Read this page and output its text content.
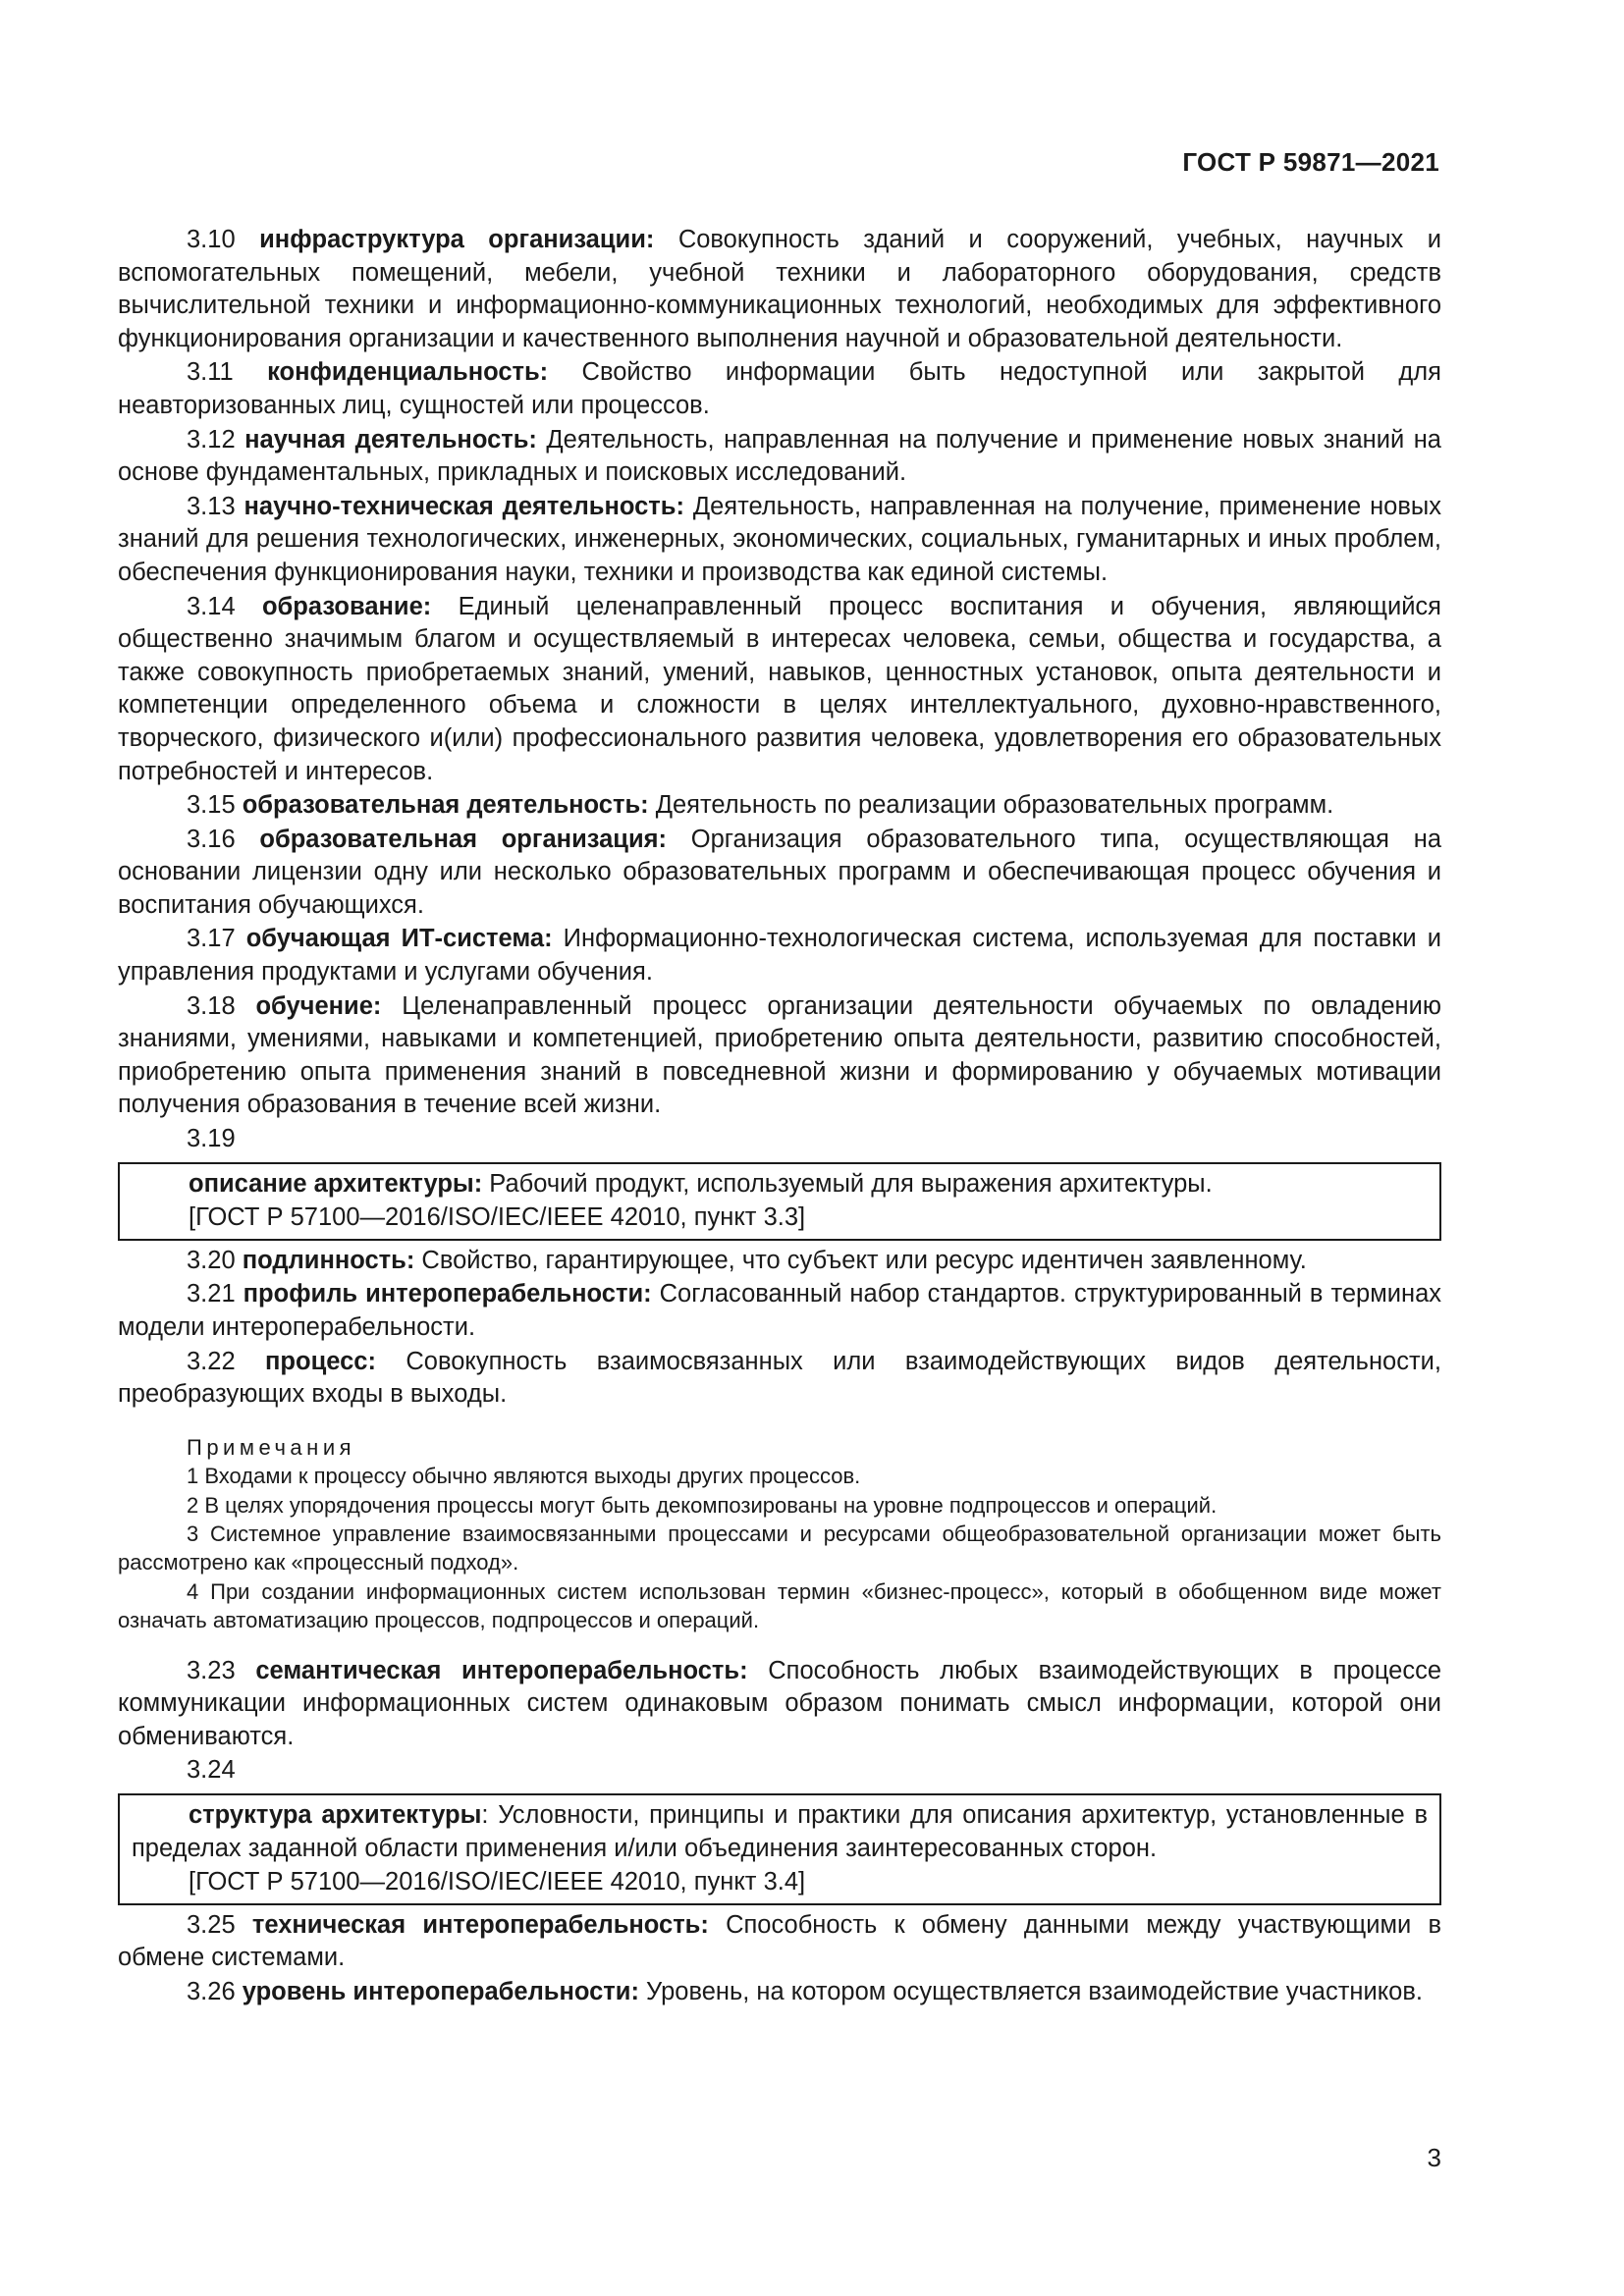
ГОСТ Р 59871—2021

3.10 инфраструктура организации: Совокупность зданий и сооружений, учебных, научных и вспомогательных помещений, мебели, учебной техники и лабораторного оборудования, средств вычислительной техники и информационно-коммуникационных технологий, необходимых для эффективного функционирования организации и качественного выполнения научной и образовательной деятельности.

3.11 конфиденциальность: Свойство информации быть недоступной или закрытой для неавторизованных лиц, сущностей или процессов.

3.12 научная деятельность: Деятельность, направленная на получение и применение новых знаний на основе фундаментальных, прикладных и поисковых исследований.

3.13 научно-техническая деятельность: Деятельность, направленная на получение, применение новых знаний для решения технологических, инженерных, экономических, социальных, гуманитарных и иных проблем, обеспечения функционирования науки, техники и производства как единой системы.

3.14 образование: Единый целенаправленный процесс воспитания и обучения, являющийся общественно значимым благом и осуществляемый в интересах человека, семьи, общества и государства, а также совокупность приобретаемых знаний, умений, навыков, ценностных установок, опыта деятельности и компетенции определенного объема и сложности в целях интеллектуального, духовно-нравственного, творческого, физического и(или) профессионального развития человека, удовлетворения его образовательных потребностей и интересов.

3.15 образовательная деятельность: Деятельность по реализации образовательных программ.

3.16 образовательная организация: Организация образовательного типа, осуществляющая на основании лицензии одну или несколько образовательных программ и обеспечивающая процесс обучения и воспитания обучающихся.

3.17 обучающая ИТ-система: Информационно-технологическая система, используемая для поставки и управления продуктами и услугами обучения.

3.18 обучение: Целенаправленный процесс организации деятельности обучаемых по овладению знаниями, умениями, навыками и компетенцией, приобретению опыта деятельности, развитию способностей, приобретению опыта применения знаний в повседневной жизни и формированию у обучаемых мотивации получения образования в течение всей жизни.

3.19

описание архитектуры: Рабочий продукт, используемый для выражения архитектуры.

[ГОСТ Р 57100—2016/ISO/IEC/IEEE 42010, пункт 3.3]

3.20 подлинность: Свойство, гарантирующее, что субъект или ресурс идентичен заявленному.

3.21 профиль интероперабельности: Согласованный набор стандартов. структурированный в терминах модели интероперабельности.

3.22 процесс: Совокупность взаимосвязанных или взаимодействующих видов деятельности, преобразующих входы в выходы.

Примечания

1 Входами к процессу обычно являются выходы других процессов.

2 В целях упорядочения процессы могут быть декомпозированы на уровне подпроцессов и операций.

3 Системное управление взаимосвязанными процессами и ресурсами общеобразовательной организации может быть рассмотрено как «процессный подход».

4 При создании информационных систем использован термин «бизнес-процесс», который в обобщенном виде может означать автоматизацию процессов, подпроцессов и операций.

3.23 семантическая интероперабельность: Способность любых взаимодействующих в процессе коммуникации информационных систем одинаковым образом понимать смысл информации, которой они обмениваются.

3.24

структура архитектуры: Условности, принципы и практики для описания архитектур, установленные в пределах заданной области применения и/или объединения заинтересованных сторон.

[ГОСТ Р 57100—2016/ISO/IEC/IEEE 42010, пункт 3.4]

3.25 техническая интероперабельность: Способность к обмену данными между участвующими в обмене системами.

3.26 уровень интероперабельности: Уровень, на котором осуществляется взаимодействие участников.

3
